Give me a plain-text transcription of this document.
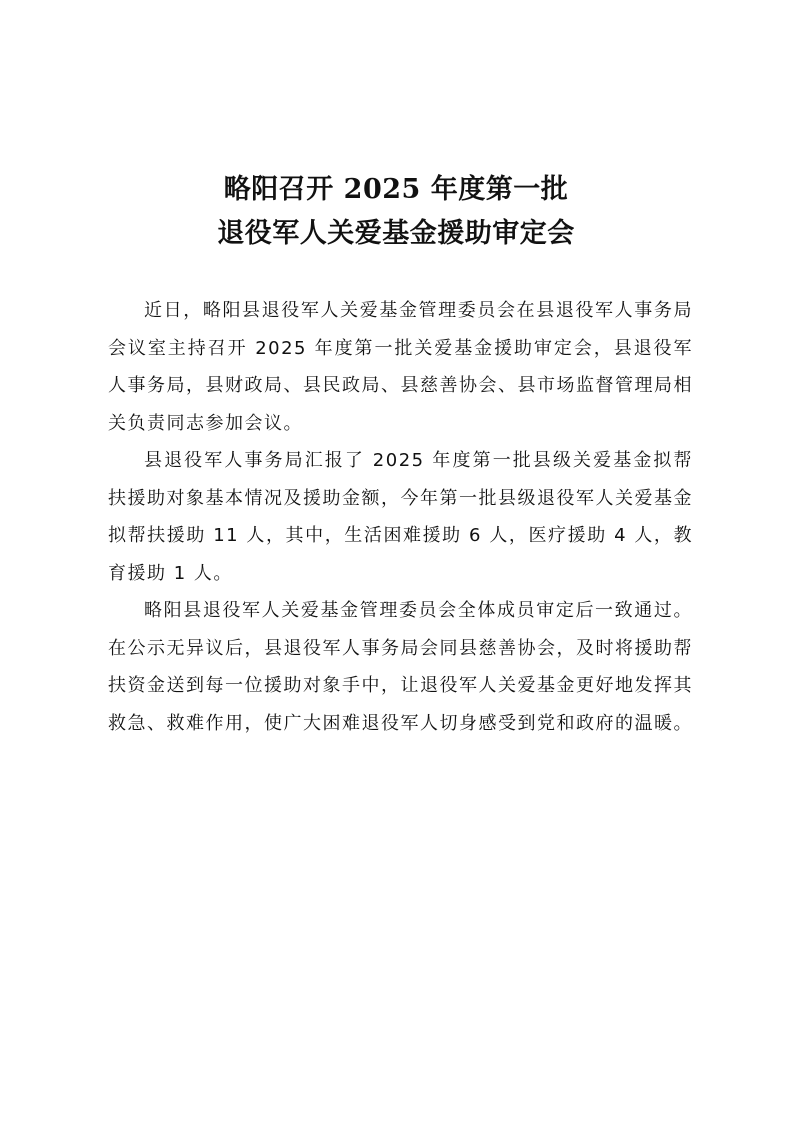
略阳召开 2025 年度第一批
退役军人关爱基金援助审定会

近日，略阳县退役军人关爱基金管理委员会在县退役军人事务局会议室主持召开 2025 年度第一批关爱基金援助审定会，县退役军人事务局，县财政局、县民政局、县慈善协会、县市场监督管理局相关负责同志参加会议。

县退役军人事务局汇报了 2025 年度第一批县级关爱基金拟帮扶援助对象基本情况及援助金额，今年第一批县级退役军人关爱基金拟帮扶援助 11 人，其中，生活困难援助 6 人，医疗援助 4 人，教育援助 1 人。

略阳县退役军人关爱基金管理委员会全体成员审定后一致通过。在公示无异议后，县退役军人事务局会同县慈善协会，及时将援助帮扶资金送到每一位援助对象手中，让退役军人关爱基金更好地发挥其救急、救难作用，使广大困难退役军人切身感受到党和政府的温暖。
